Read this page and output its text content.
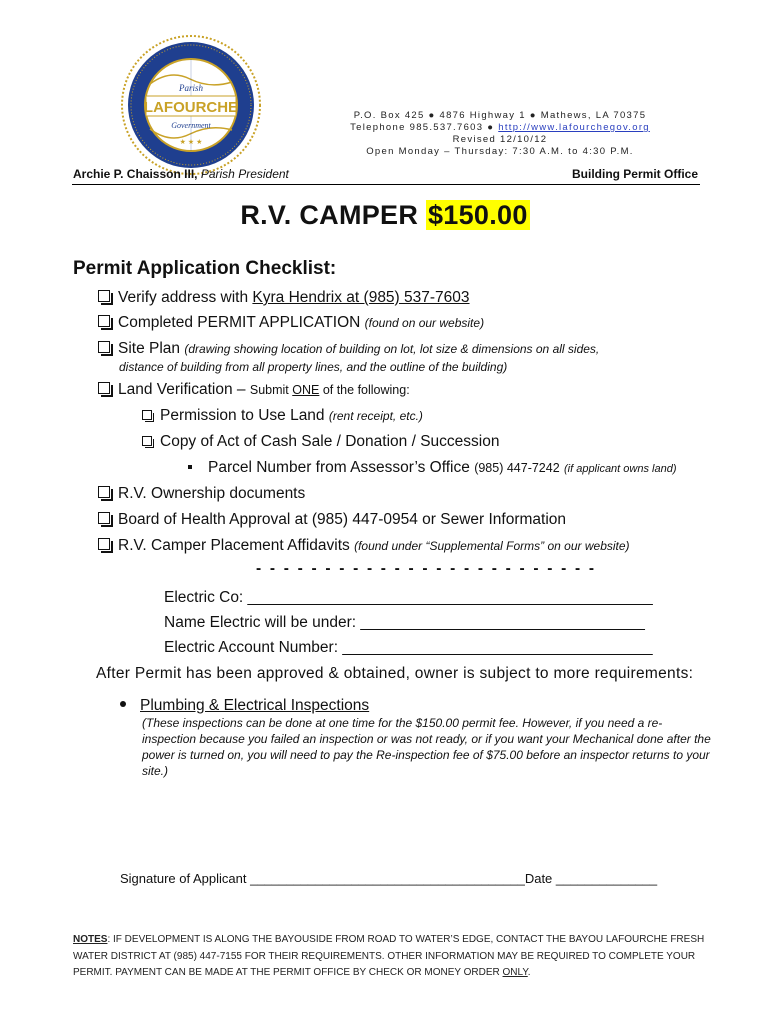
Parish
LAFOURCHE
Government
★ ★ ★
P.O. Box 425 ● 4876 Highway 1 ● Mathews, LA 70375
Telephone 985.537.7603 ● http://www.lafourchegov.org
Revised 12/10/12
Open Monday – Thursday: 7:30 A.M. to 4:30 P.M.
Archie P. Chaisson III, Parish President	Building Permit Office
R.V. CAMPER $150.00
Permit Application Checklist:
Verify address with Kyra Hendrix at (985) 537-7603
Completed PERMIT APPLICATION (found on our website)
Site Plan (drawing showing location of building on lot, lot size & dimensions on all sides,
distance of building from all property lines, and the outline of the building)
Land Verification – Submit ONE of the following:
Permission to Use Land (rent receipt, etc.)
Copy of Act of Cash Sale / Donation / Succession
Parcel Number from Assessor’s Office (985) 447-7242 (if applicant owns land)
R.V. Ownership documents
Board of Health Approval at (985) 447-0954 or Sewer Information
R.V. Camper Placement Affidavits (found under “Supplemental Forms” on our website)
- - - - - - - - - - - - - - - - - - - - - - - - -
Electric Co: _______________________________________________
Name Electric will be under: _________________________________
Electric Account Number: ____________________________________
After Permit has been approved & obtained, owner is subject to more requirements:
Plumbing & Electrical Inspections
(These inspections can be done at one time for the $150.00 permit fee. However, if you need a re-inspection because you failed an inspection or was not ready, or if you want your Mechanical done after the power is turned on, you will need to pay the Re-inspection fee of $75.00 before an inspector returns to your site.)
Signature of Applicant ______________________________________Date ______________
NOTES: IF DEVELOPMENT IS ALONG THE BAYOUSIDE FROM ROAD TO WATER’S EDGE, CONTACT THE BAYOU LAFOURCHE FRESH WATER DISTRICT AT (985) 447-7155 FOR THEIR REQUIREMENTS. OTHER INFORMATION MAY BE REQUIRED TO COMPLETE YOUR PERMIT. PAYMENT CAN BE MADE AT THE PERMIT OFFICE BY CHECK OR MONEY ORDER ONLY.
